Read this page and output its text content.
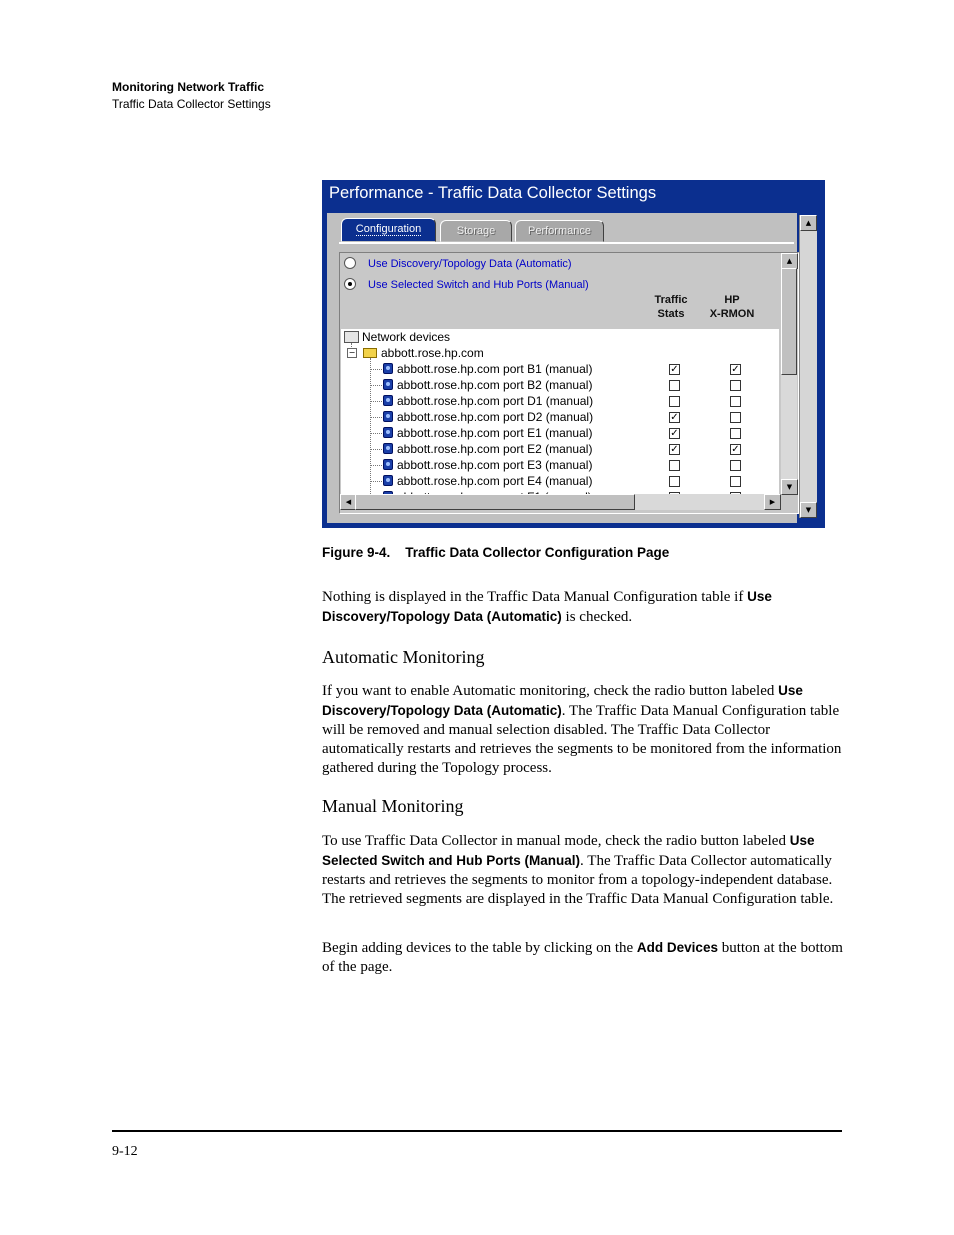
Monitoring Network Traffic
Traffic Data Collector Settings
Performance - Traffic Data Collector Settings
▲
▼
Configuration	Storage	Performance
Use Discovery/Topology Data (Automatic)
Use Selected Switch and Hub Ports (Manual)
Traffic
Stats
HP
X-RMON
Network devices
− abbott.rose.hp.com
abbott.rose.hp.com port B1 (manual)	✓	✓
abbott.rose.hp.com port B2 (manual)
abbott.rose.hp.com port D1 (manual)
abbott.rose.hp.com port D2 (manual)	✓
abbott.rose.hp.com port E1 (manual)	✓
abbott.rose.hp.com port E2 (manual)	✓	✓
abbott.rose.hp.com port E3 (manual)
abbott.rose.hp.com port E4 (manual)
▲
▼
◀	▶
Figure 9-4.    Traffic Data Collector Configuration Page
Nothing is displayed in the Traffic Data Manual Configuration table if Use Discovery/Topology Data (Automatic) is checked.
Automatic Monitoring
If you want to enable Automatic monitoring, check the radio button labeled Use Discovery/Topology Data (Automatic). The Traffic Data Manual Configuration table will be removed and manual selection disabled. The Traffic Data Collector automatically restarts and retrieves the segments to be monitored from the information gathered during the Topology process.
Manual Monitoring
To use Traffic Data Collector in manual mode, check the radio button labeled Use Selected Switch and Hub Ports (Manual). The Traffic Data Collector automatically restarts and retrieves the segments to monitor from a topology-independent database. The retrieved segments are displayed in the Traffic Data Manual Configuration table.
Begin adding devices to the table by clicking on the Add Devices button at the bottom of the page.
9-12
